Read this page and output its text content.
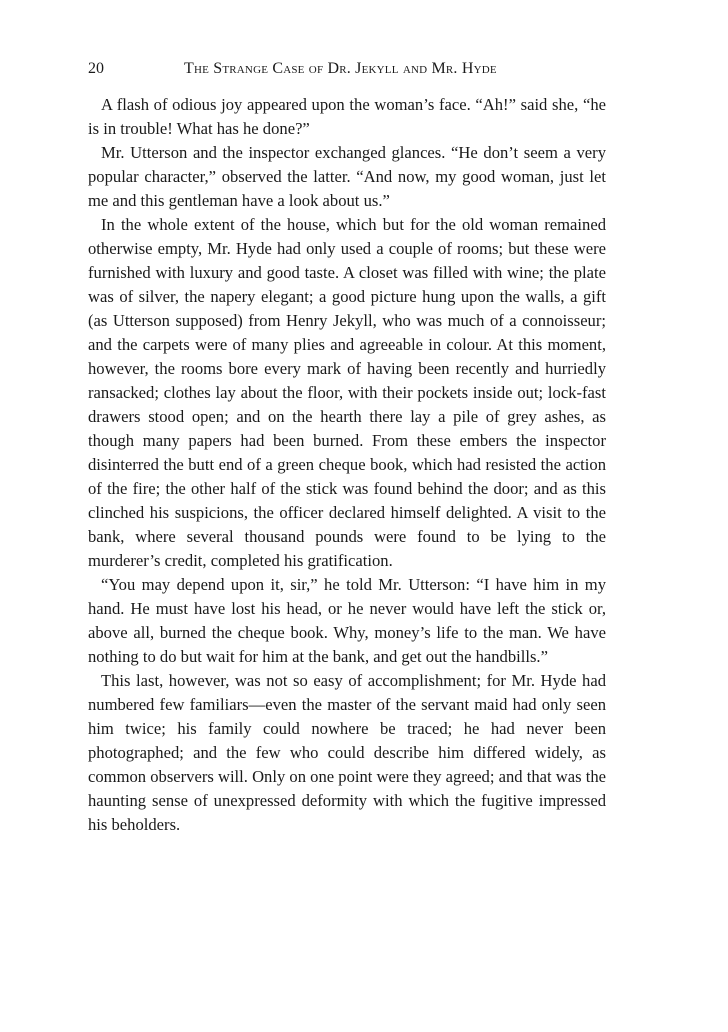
20	The Strange Case of Dr. Jekyll and Mr. Hyde

A flash of odious joy appeared upon the woman’s face. “Ah!” said she, “he is in trouble! What has he done?”

Mr. Utterson and the inspector exchanged glances. “He don’t seem a very popular character,” observed the latter. “And now, my good woman, just let me and this gentleman have a look about us.”

In the whole extent of the house, which but for the old woman remained otherwise empty, Mr. Hyde had only used a couple of rooms; but these were furnished with luxury and good taste. A closet was filled with wine; the plate was of silver, the napery elegant; a good picture hung upon the walls, a gift (as Utterson supposed) from Henry Jekyll, who was much of a connoisseur; and the carpets were of many plies and agreeable in colour. At this moment, however, the rooms bore every mark of having been recently and hurriedly ransacked; clothes lay about the floor, with their pockets inside out; lock-fast drawers stood open; and on the hearth there lay a pile of grey ashes, as though many papers had been burned. From these embers the inspector disinterred the butt end of a green cheque book, which had resisted the action of the fire; the other half of the stick was found behind the door; and as this clinched his suspicions, the officer declared himself delighted. A visit to the bank, where several thousand pounds were found to be lying to the murderer’s credit, completed his gratification.

“You may depend upon it, sir,” he told Mr. Utterson: “I have him in my hand. He must have lost his head, or he never would have left the stick or, above all, burned the cheque book. Why, money’s life to the man. We have nothing to do but wait for him at the bank, and get out the handbills.”

This last, however, was not so easy of accomplishment; for Mr. Hyde had numbered few familiars—even the master of the servant maid had only seen him twice; his family could nowhere be traced; he had never been photographed; and the few who could describe him differed widely, as common observers will. Only on one point were they agreed; and that was the haunting sense of unexpressed deformity with which the fugitive impressed his beholders.
